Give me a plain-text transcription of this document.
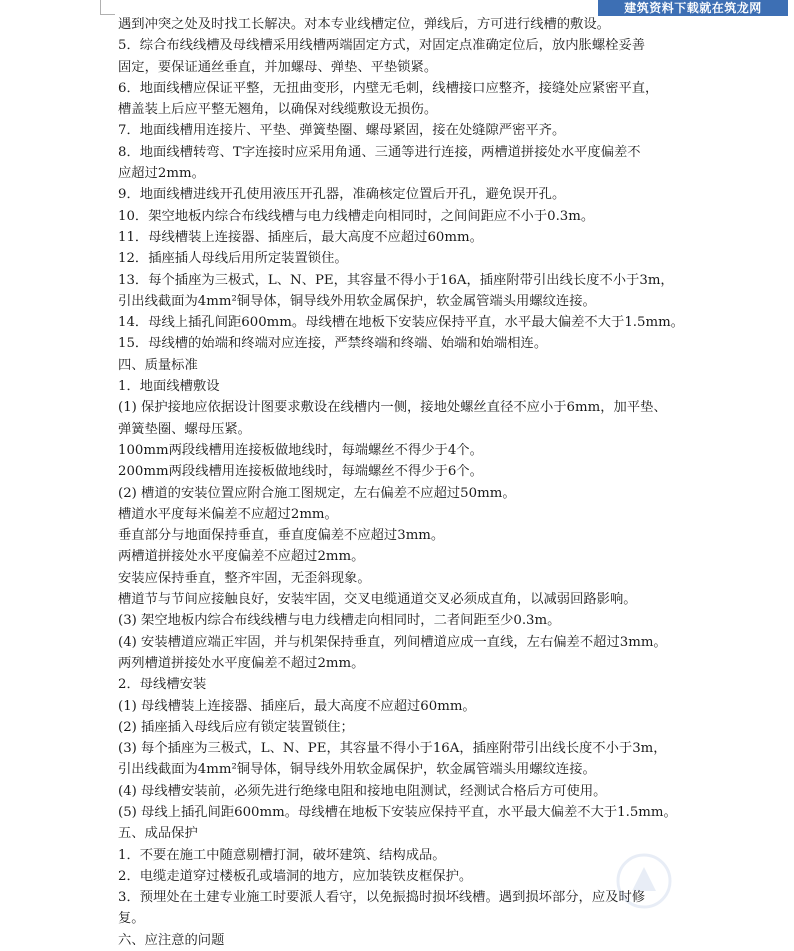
建筑资料下载就在筑龙网

遇到冲突之处及时找工长解决。对本专业线槽定位，弹线后，方可进行线槽的敷设。

5．综合布线线槽及母线槽采用线槽两端固定方式，对固定点准确定位后，放内胀螺栓妥善

固定，要保证通丝垂直，并加螺母、弹垫、平垫锁紧。

6．地面线槽应保证平整，无扭曲变形，内壁无毛刺，线槽接口应整齐，接缝处应紧密平直，

槽盖装上后应平整无翘角，以确保对线缆敷设无损伤。

7．地面线槽用连接片、平垫、弹簧垫圈、螺母紧固，接在处缝隙严密平齐。

8．地面线槽转弯、T字连接时应采用角通、三通等进行连接，两槽道拼接处水平度偏差不

应超过2mm。

9．地面线槽进线开孔使用液压开孔器，准确核定位置后开孔，避免误开孔。

10．架空地板内综合布线线槽与电力线槽走向相同时，之间间距应不小于0.3m。

11．母线槽装上连接器、插座后，最大高度不应超过60mm。

12．插座插人母线后用所定装置锁住。

13．每个插座为三极式，L、N、PE，其容量不得小于16A，插座附带引出线长度不小于3m，

引出线截面为4mm²铜导体，铜导线外用软金属保护，软金属管端头用螺纹连接。

14．母线上插孔间距600mm。母线槽在地板下安装应保持平直，水平最大偏差不大于1.5mm。

15．母线槽的始端和终端对应连接，严禁终端和终端、始端和始端相连。

四、质量标准

1．地面线槽敷设

(1) 保护接地应依据设计图要求敷设在线槽内一侧，接地处螺丝直径不应小于6mm，加平垫、

弹簧垫圈、螺母压紧。

100mm两段线槽用连接板做地线时，每端螺丝不得少于4个。

200mm两段线槽用连接板做地线时，每端螺丝不得少于6个。

(2) 槽道的安装位置应附合施工图规定，左右偏差不应超过50mm。

槽道水平度每米偏差不应超过2mm。

垂直部分与地面保持垂直，垂直度偏差不应超过3mm。

两槽道拼接处水平度偏差不应超过2mm。

安装应保持垂直，整齐牢固，无歪斜现象。

槽道节与节间应接触良好，安装牢固，交叉电缆通道交叉必须成直角，以减弱回路影响。

(3) 架空地板内综合布线线槽与电力线槽走向相同时，二者间距至少0.3m。

(4) 安装槽道应端正牢固，并与机架保持垂直，列间槽道应成一直线，左右偏差不超过3mm。

两列槽道拼接处水平度偏差不超过2mm。

2．母线槽安装

(1) 母线槽装上连接器、插座后，最大高度不应超过60mm。

(2) 插座插入母线后应有锁定装置锁住；

(3) 每个插座为三极式，L、N、PE，其容量不得小于16A，插座附带引出线长度不小于3m，

引出线截面为4mm²铜导体，铜导线外用软金属保护，软金属管端头用螺纹连接。

(4) 母线槽安装前，必须先进行绝缘电阻和接地电阻测试，经测试合格后方可使用。

(5) 母线上插孔间距600mm。母线槽在地板下安装应保持平直，水平最大偏差不大于1.5mm。

五、成品保护

1．不要在施工中随意剔槽打洞，破坏建筑、结构成品。

2．电缆走道穿过楼板孔或墙洞的地方，应加装铁皮框保护。

3．预埋处在土建专业施工时要派人看守，以免振捣时损坏线槽。遇到损坏部分，应及时修

复。

六、应注意的问题
